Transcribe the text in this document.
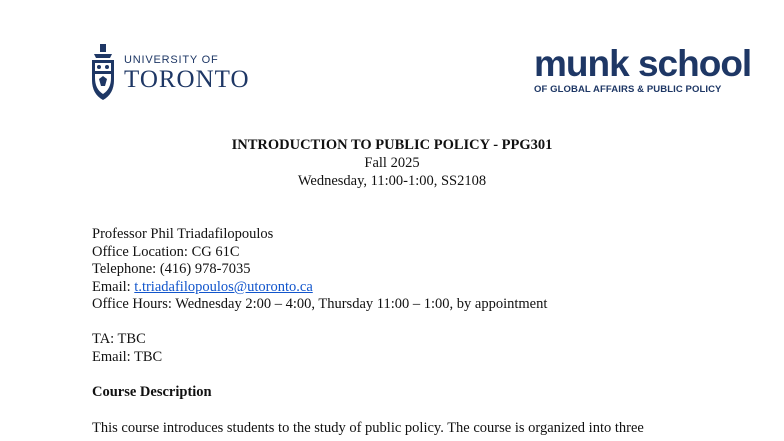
UNIVERSITY OF
TORONTO	munk school
OF GLOBAL AFFAIRS & PUBLIC POLICY
INTRODUCTION TO PUBLIC POLICY - PPG301
Fall 2025
Wednesday, 11:00-1:00, SS2108
Professor Phil Triadafilopoulos
Office Location: CG 61C
Telephone: (416) 978-7035
Email: t.triadafilopoulos@utoronto.ca
Office Hours: Wednesday 2:00 – 4:00, Thursday 11:00 – 1:00, by appointment
TA: TBC
Email: TBC
Course Description
This course introduces students to the study of public policy. The course is organized into three
